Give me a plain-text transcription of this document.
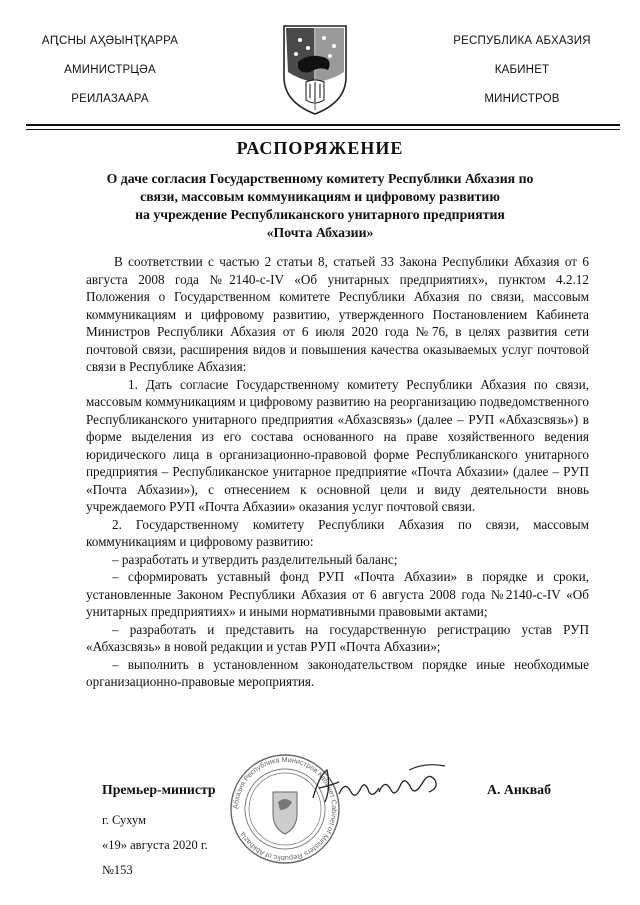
АԤСНЫ АҲӘЫНҬҚАРРА
АМИНИСТРЦӘА
РЕИЛАЗААРА
РЕСПУБЛИКА АБХАЗИЯ
КАБИНЕТ
МИНИСТРОВ
РАСПОРЯЖЕНИЕ
О даче согласия Государственному комитету Республики Абхазия по
связи, массовым коммуникациям и цифровому развитию
на учреждение Республиканского унитарного предприятия
«Почта Абхазии»

В соответствии с частью 2 статьи 8, статьей 33 Закона Республики Абхазия от 6 августа 2008 года №2140-с-IV «Об унитарных предприятиях», пунктом 4.2.12 Положения о Государственном комитете Республики Абхазия по связи, массовым коммуникациям и цифровому развитию, утвержденного Постановлением Кабинета Министров Республики Абхазия от 6 июля 2020 года №76, в целях развития сети почтовой связи, расширения видов и повышения качества оказываемых услуг почтовой связи в Республике Абхазия:

1. Дать согласие Государственному комитету Республики Абхазия по связи, массовым коммуникациям и цифровому развитию на реорганизацию подведомственного Республиканского унитарного предприятия «Абхазсвязь» (далее – РУП «Абхазсвязь») в форме выделения из его состава основанного на праве хозяйственного ведения юридического лица в организационно-правовой форме Республиканского унитарного предприятия – Республиканское унитарное предприятие «Почта Абхазии» (далее – РУП «Почта Абхазии»), с отнесением к основной цели и виду деятельности вновь учреждаемого РУП «Почта Абхазии» оказания услуг почтовой связи.

2. Государственному комитету Республики Абхазия по связи, массовым коммуникациям и цифровому развитию:

– разработать и утвердить разделительный баланс;

– сформировать уставный фонд РУП «Почта Абхазии» в порядке и сроки, установленные Законом Республики Абхазия от 6 августа 2008 года №2140-с-IV «Об унитарных предприятиях» и иными нормативными правовыми актами;

– разработать и представить на государственную регистрацию устав РУП «Абхазсвязь» в новой редакции и устав РУП «Почта Абхазии»;

– выполнить в установленном законодательством порядке иные необходимые организационно-правовые мероприятия.

Премьер-министр
Абхазия Республика Министров Кабинет Cabinet of Ministers Republic of Abkhazia
А. Анкваб
г. Сухум
«19» августа 2020 г.
№153
